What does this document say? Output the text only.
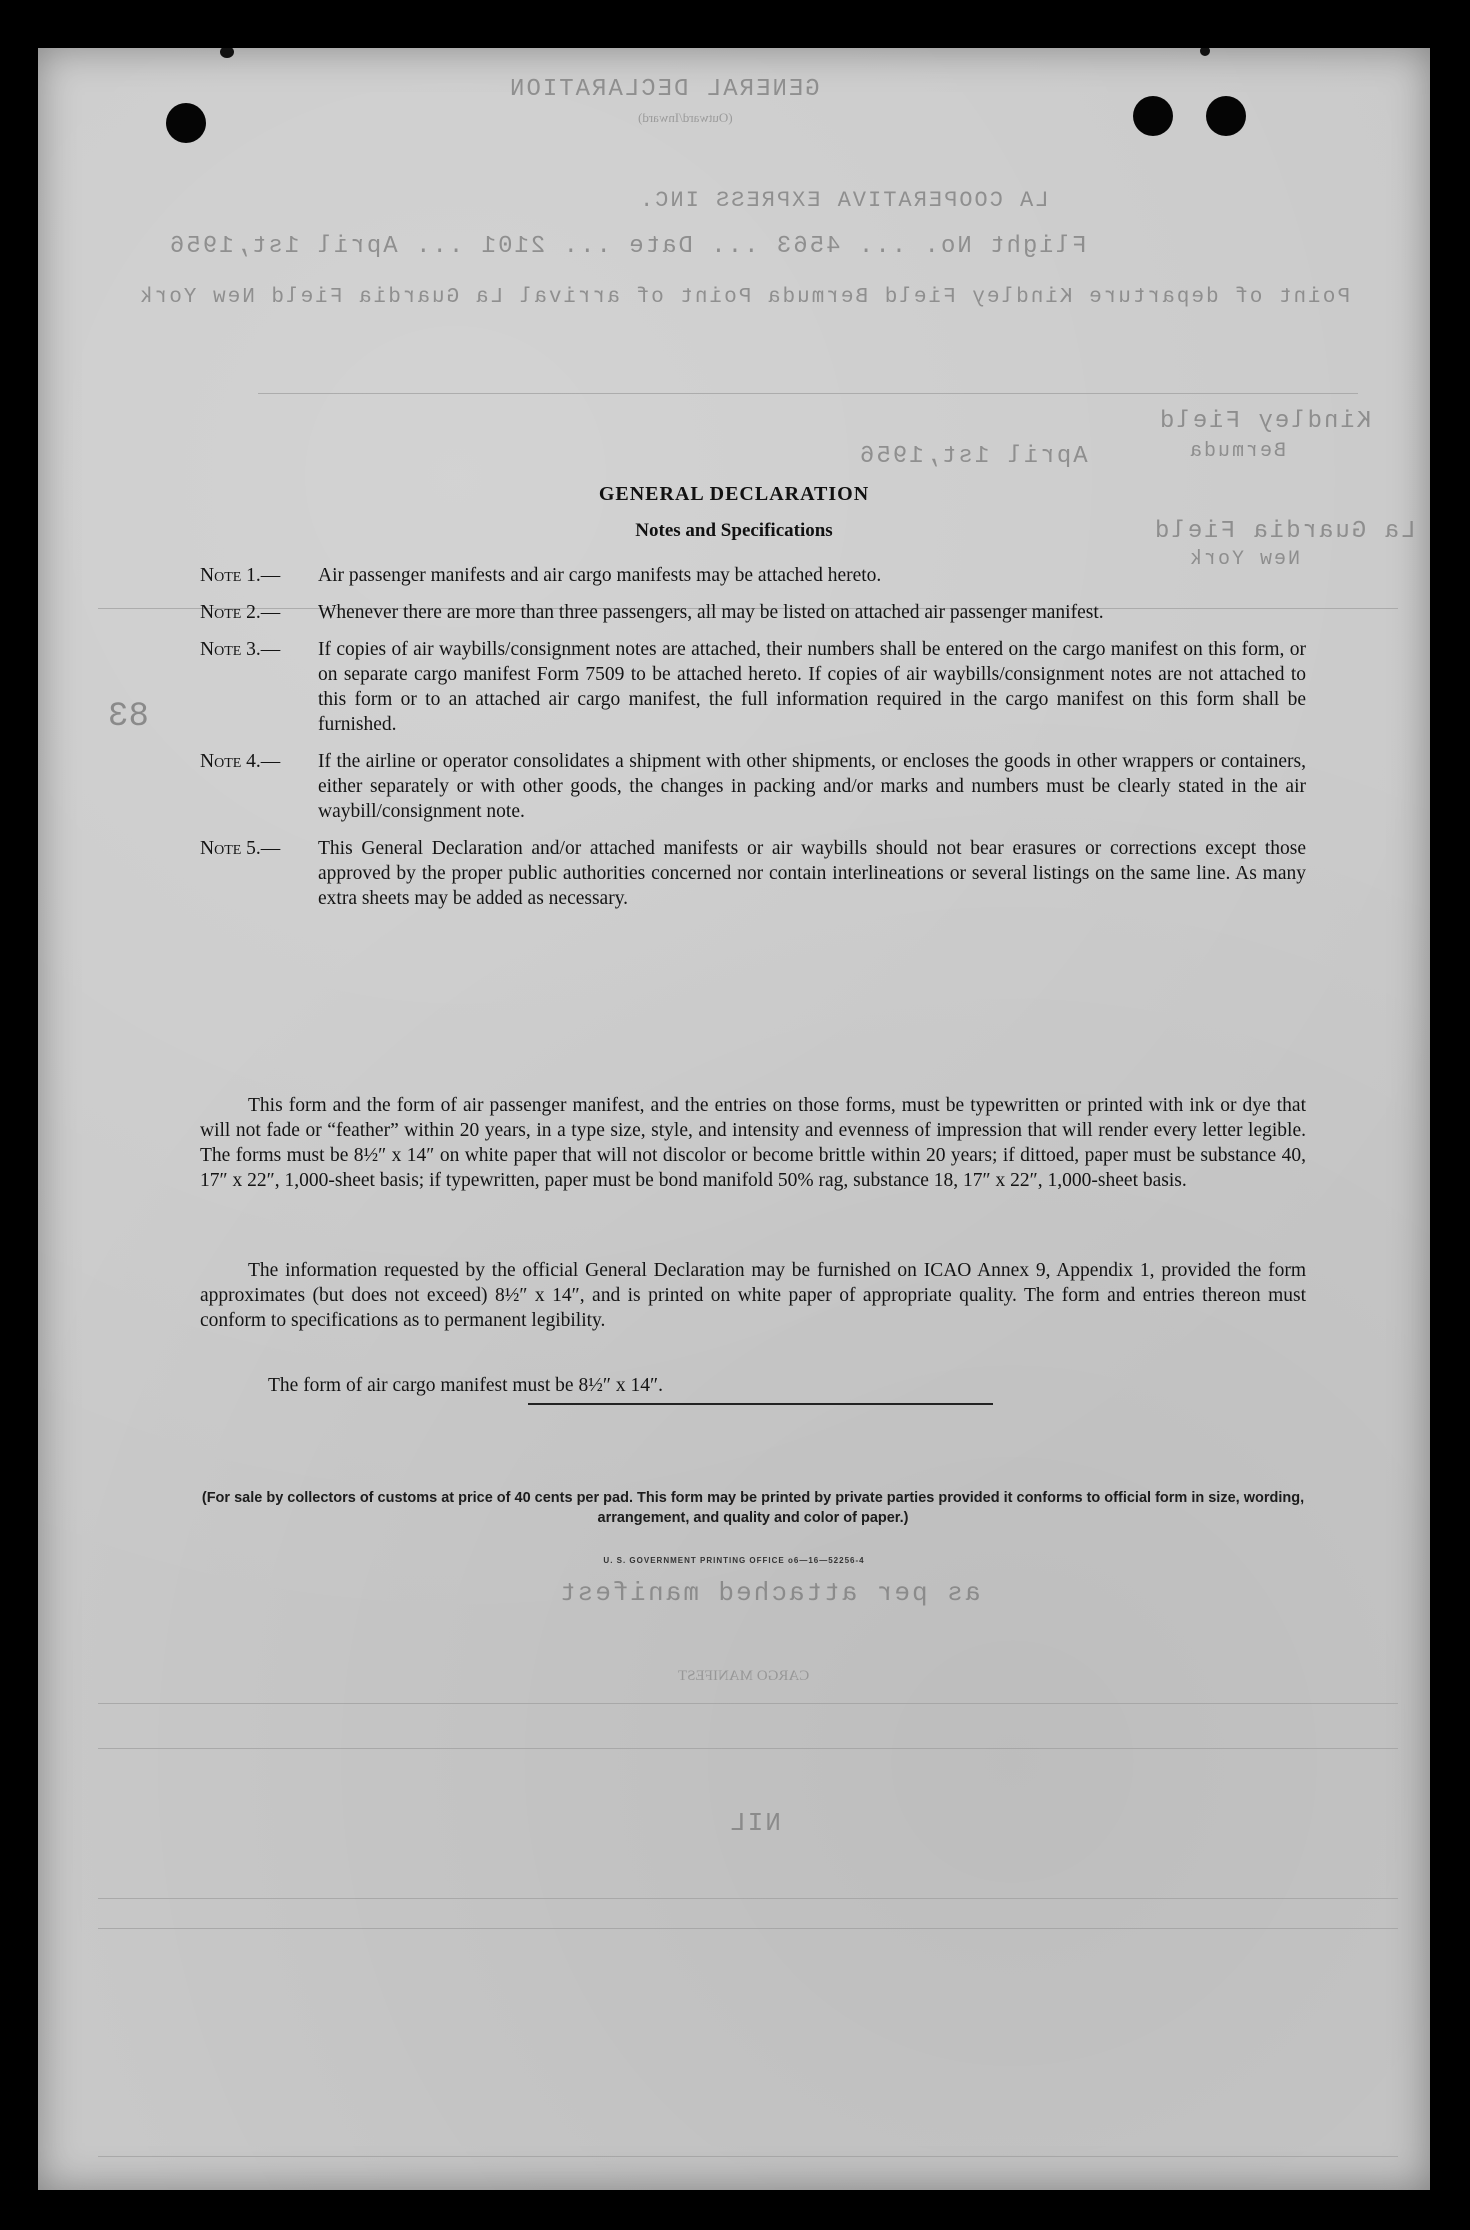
GENERAL DECLARATION
(Outward/Inward)
LA COOPERATIVA EXPRESS INC.
Flight No. ... 4563 ... Date ... 2101 ... April 1st,1956
Point of departure Kindley Field Bermuda Point of arrival La Guardia Field New York
Kindley Field
Bermuda
April 1st,1956
La Guardia Field
New York
as per attached manifest
CARGO MANIFEST
NIL
83
GENERAL DECLARATION
Notes and Specifications
Note 1.—	Air passenger manifests and air cargo manifests may be attached hereto.
Note 2.—	Whenever there are more than three passengers, all may be listed on attached air passenger manifest.
Note 3.—	If copies of air waybills/consignment notes are attached, their numbers shall be entered on the cargo manifest on this form, or on separate cargo manifest Form 7509 to be attached hereto. If copies of air waybills/consignment notes are not attached to this form or to an attached air cargo manifest, the full information required in the cargo manifest on this form shall be furnished.
Note 4.—	If the airline or operator consolidates a shipment with other shipments, or encloses the goods in other wrappers or containers, either separately or with other goods, the changes in packing and/or marks and numbers must be clearly stated in the air waybill/consignment note.
Note 5.—	This General Declaration and/or attached manifests or air waybills should not bear erasures or corrections except those approved by the proper public authorities concerned nor contain interlineations or several listings on the same line. As many extra sheets may be added as necessary.
This form and the form of air passenger manifest, and the entries on those forms, must be typewritten or printed with ink or dye that will not fade or “feather” within 20 years, in a type size, style, and intensity and evenness of impression that will render every letter legible. The forms must be 8½″ x 14″ on white paper that will not discolor or become brittle within 20 years; if dittoed, paper must be substance 40, 17″ x 22″, 1,000-sheet basis; if typewritten, paper must be bond manifold 50% rag, substance 18, 17″ x 22″, 1,000-sheet basis.
The information requested by the official General Declaration may be furnished on ICAO Annex 9, Appendix 1, provided the form approximates (but does not exceed) 8½″ x 14″, and is printed on white paper of appropriate quality. The form and entries thereon must conform to specifications as to permanent legibility.
The form of air cargo manifest must be 8½″ x 14″.
(For sale by collectors of customs at price of 40 cents per pad. This form may be printed by private parties provided it conforms to official form in size, wording, arrangement, and quality and color of paper.)
U. S. GOVERNMENT PRINTING OFFICE o6—16—52256-4
